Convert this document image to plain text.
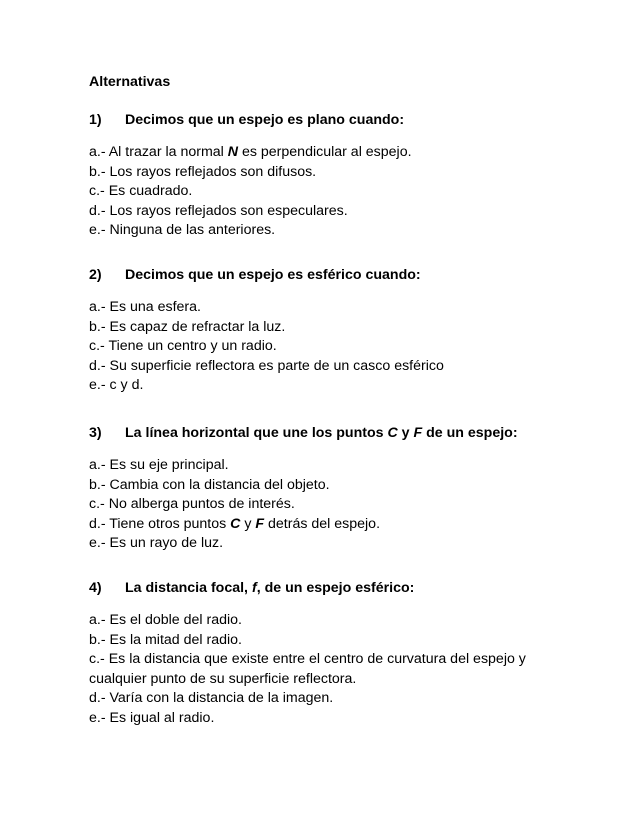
Alternativas
1) Decimos que un espejo es plano cuando:
a.- Al trazar la normal N es perpendicular al espejo.
b.- Los rayos reflejados son difusos.
c.- Es cuadrado.
d.- Los rayos reflejados son especulares.
e.- Ninguna de las anteriores.
2) Decimos que un espejo es esférico cuando:
a.- Es una esfera.
b.- Es capaz de refractar la luz.
c.- Tiene un centro y un radio.
d.- Su superficie reflectora es parte de un casco esférico
e.- c y d.
3) La línea horizontal que une los puntos C y F de un espejo:
a.- Es su eje principal.
b.- Cambia con la distancia del objeto.
c.- No alberga puntos de interés.
d.- Tiene otros puntos C y F detrás del espejo.
e.- Es un rayo de luz.
4) La distancia focal, f, de un espejo esférico:
a.- Es el doble del radio.
b.- Es la mitad del radio.
c.- Es la distancia que existe entre el centro de curvatura del espejo y cualquier punto de su superficie reflectora.
d.- Varía con la distancia de la imagen.
e.- Es igual al radio.
